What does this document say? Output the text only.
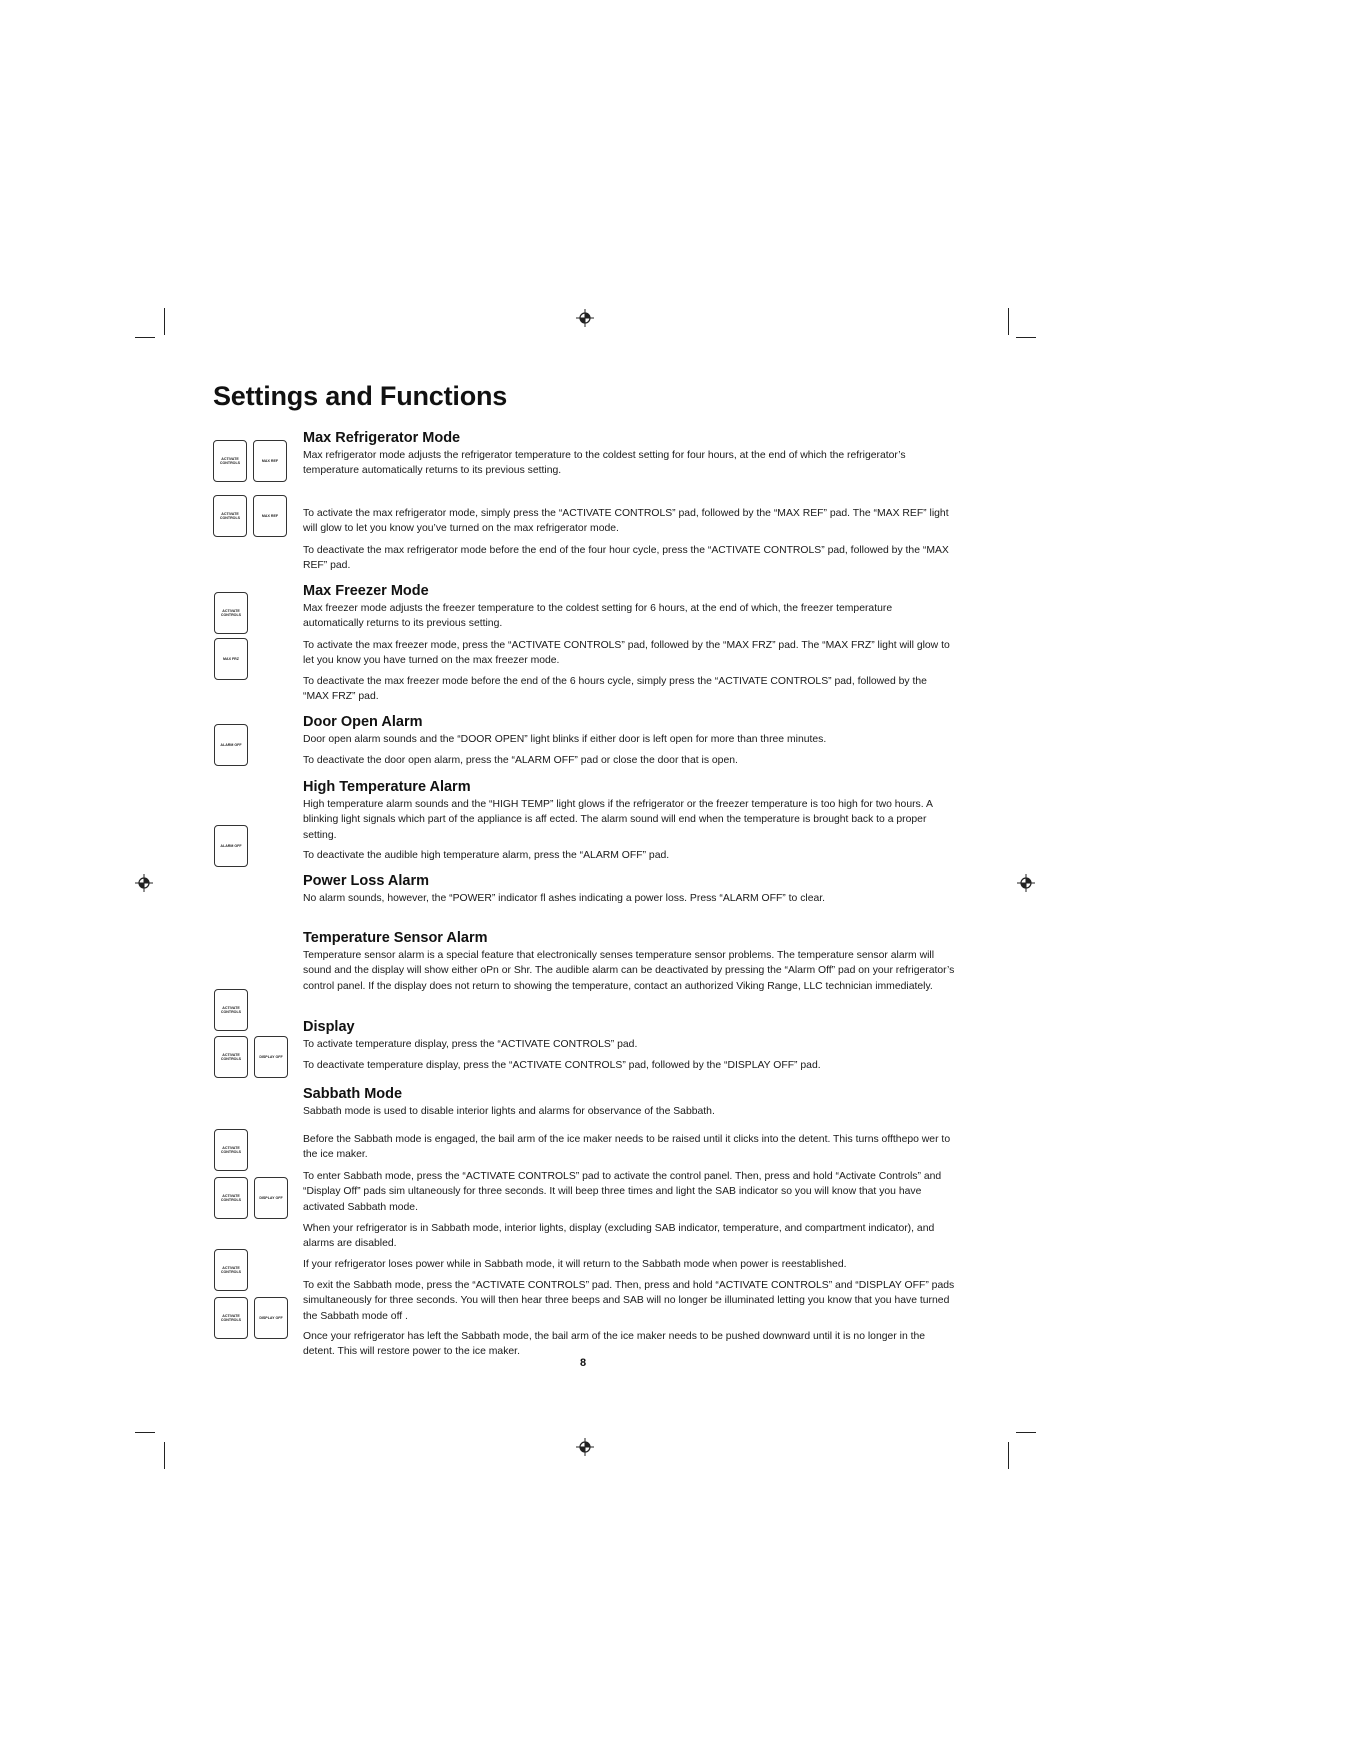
Settings and Functions
ACTIVATE CONTROLS	MAX REF
ACTIVATE CONTROLS	MAX REF
ACTIVATE CONTROLS
MAX FRZ
ALARM OFF
ALARM OFF
ACTIVATE CONTROLS
ACTIVATE CONTROLS	DISPLAY OFF
ACTIVATE CONTROLS
ACTIVATE CONTROLS	DISPLAY OFF
ACTIVATE CONTROLS
ACTIVATE CONTROLS	DISPLAY OFF
Max Refrigerator Mode

Max refrigerator mode adjusts the refrigerator temperature to the coldest setting for four hours, at the end of which the refrigerator’s temperature automatically returns to its previous setting.

To activate the max refrigerator mode, simply press the “ACTIVATE CONTROLS” pad, followed by the “MAX REF” pad. The “MAX REF” light will glow to let you know you’ve turned on the max refrigerator mode.

To deactivate the max refrigerator mode before the end of the four hour cycle, press the “ACTIVATE CONTROLS” pad, followed by the “MAX REF” pad.

Max Freezer Mode

Max freezer mode adjusts the freezer temperature to the coldest setting for 6 hours, at the end of which, the freezer temperature automatically returns to its previous setting.

To activate the max freezer mode, press the “ACTIVATE CONTROLS” pad, followed by the “MAX FRZ” pad. The “MAX FRZ” light will glow to let you know you have turned on the max freezer mode.

To deactivate the max freezer mode before the end of the 6 hours cycle, simply press the “ACTIVATE CONTROLS” pad, followed by the “MAX FRZ” pad.

Door Open Alarm

Door open alarm sounds and the “DOOR OPEN” light blinks if either door is left open for more than three minutes.

To deactivate the door open alarm, press the “ALARM OFF” pad or close the door that is open.

High Temperature Alarm

High temperature alarm sounds and the “HIGH TEMP” light glows if the refrigerator or the freezer temperature is too high for two hours. A blinking light signals which part of the appliance is aff ected. The alarm sound will end when the temperature is brought back to a proper setting.

To deactivate the audible high temperature alarm, press the “ALARM OFF” pad.

Power Loss Alarm

No alarm sounds, however, the “POWER” indicator fl ashes indicating a power loss. Press “ALARM OFF” to clear.

Temperature Sensor Alarm

Temperature sensor alarm is a special feature that electronically senses temperature sensor problems. The temperature sensor alarm will sound and the display will show either oPn or Shr. The audible alarm can be deactivated by pressing the “Alarm Off” pad on your refrigerator’s control panel. If the display does not return to showing the temperature, contact an authorized Viking Range, LLC technician immediately.

Display

To activate temperature display, press the “ACTIVATE CONTROLS” pad.

To deactivate temperature display, press the “ACTIVATE CONTROLS” pad, followed by the “DISPLAY OFF” pad.

Sabbath Mode

Sabbath mode is used to disable interior lights and alarms for observance of the Sabbath.

Before the Sabbath mode is engaged, the bail arm of the ice maker needs to be raised until it clicks into the detent. This turns offthepo wer to the ice maker.

To enter Sabbath mode, press the “ACTIVATE CONTROLS” pad to activate the control panel. Then, press and hold “Activate Controls” and “Display Off” pads sim ultaneously for three seconds. It will beep three times and light the SAB indicator so you will know that you have activated Sabbath mode.

When your refrigerator is in Sabbath mode, interior lights, display (excluding SAB indicator, temperature, and compartment indicator), and alarms are disabled.

If your refrigerator loses power while in Sabbath mode, it will return to the Sabbath mode when power is reestablished.

To exit the Sabbath mode, press the “ACTIVATE CONTROLS” pad. Then, press and hold “ACTIVATE CONTROLS” and “DISPLAY OFF” pads simultaneously for three seconds. You will then hear three beeps and SAB will no longer be illuminated letting you know that you have turned the Sabbath mode off .

Once your refrigerator has left the Sabbath mode, the bail arm of the ice maker needs to be pushed downward until it is no longer in the detent. This will restore power to the ice maker.

8
